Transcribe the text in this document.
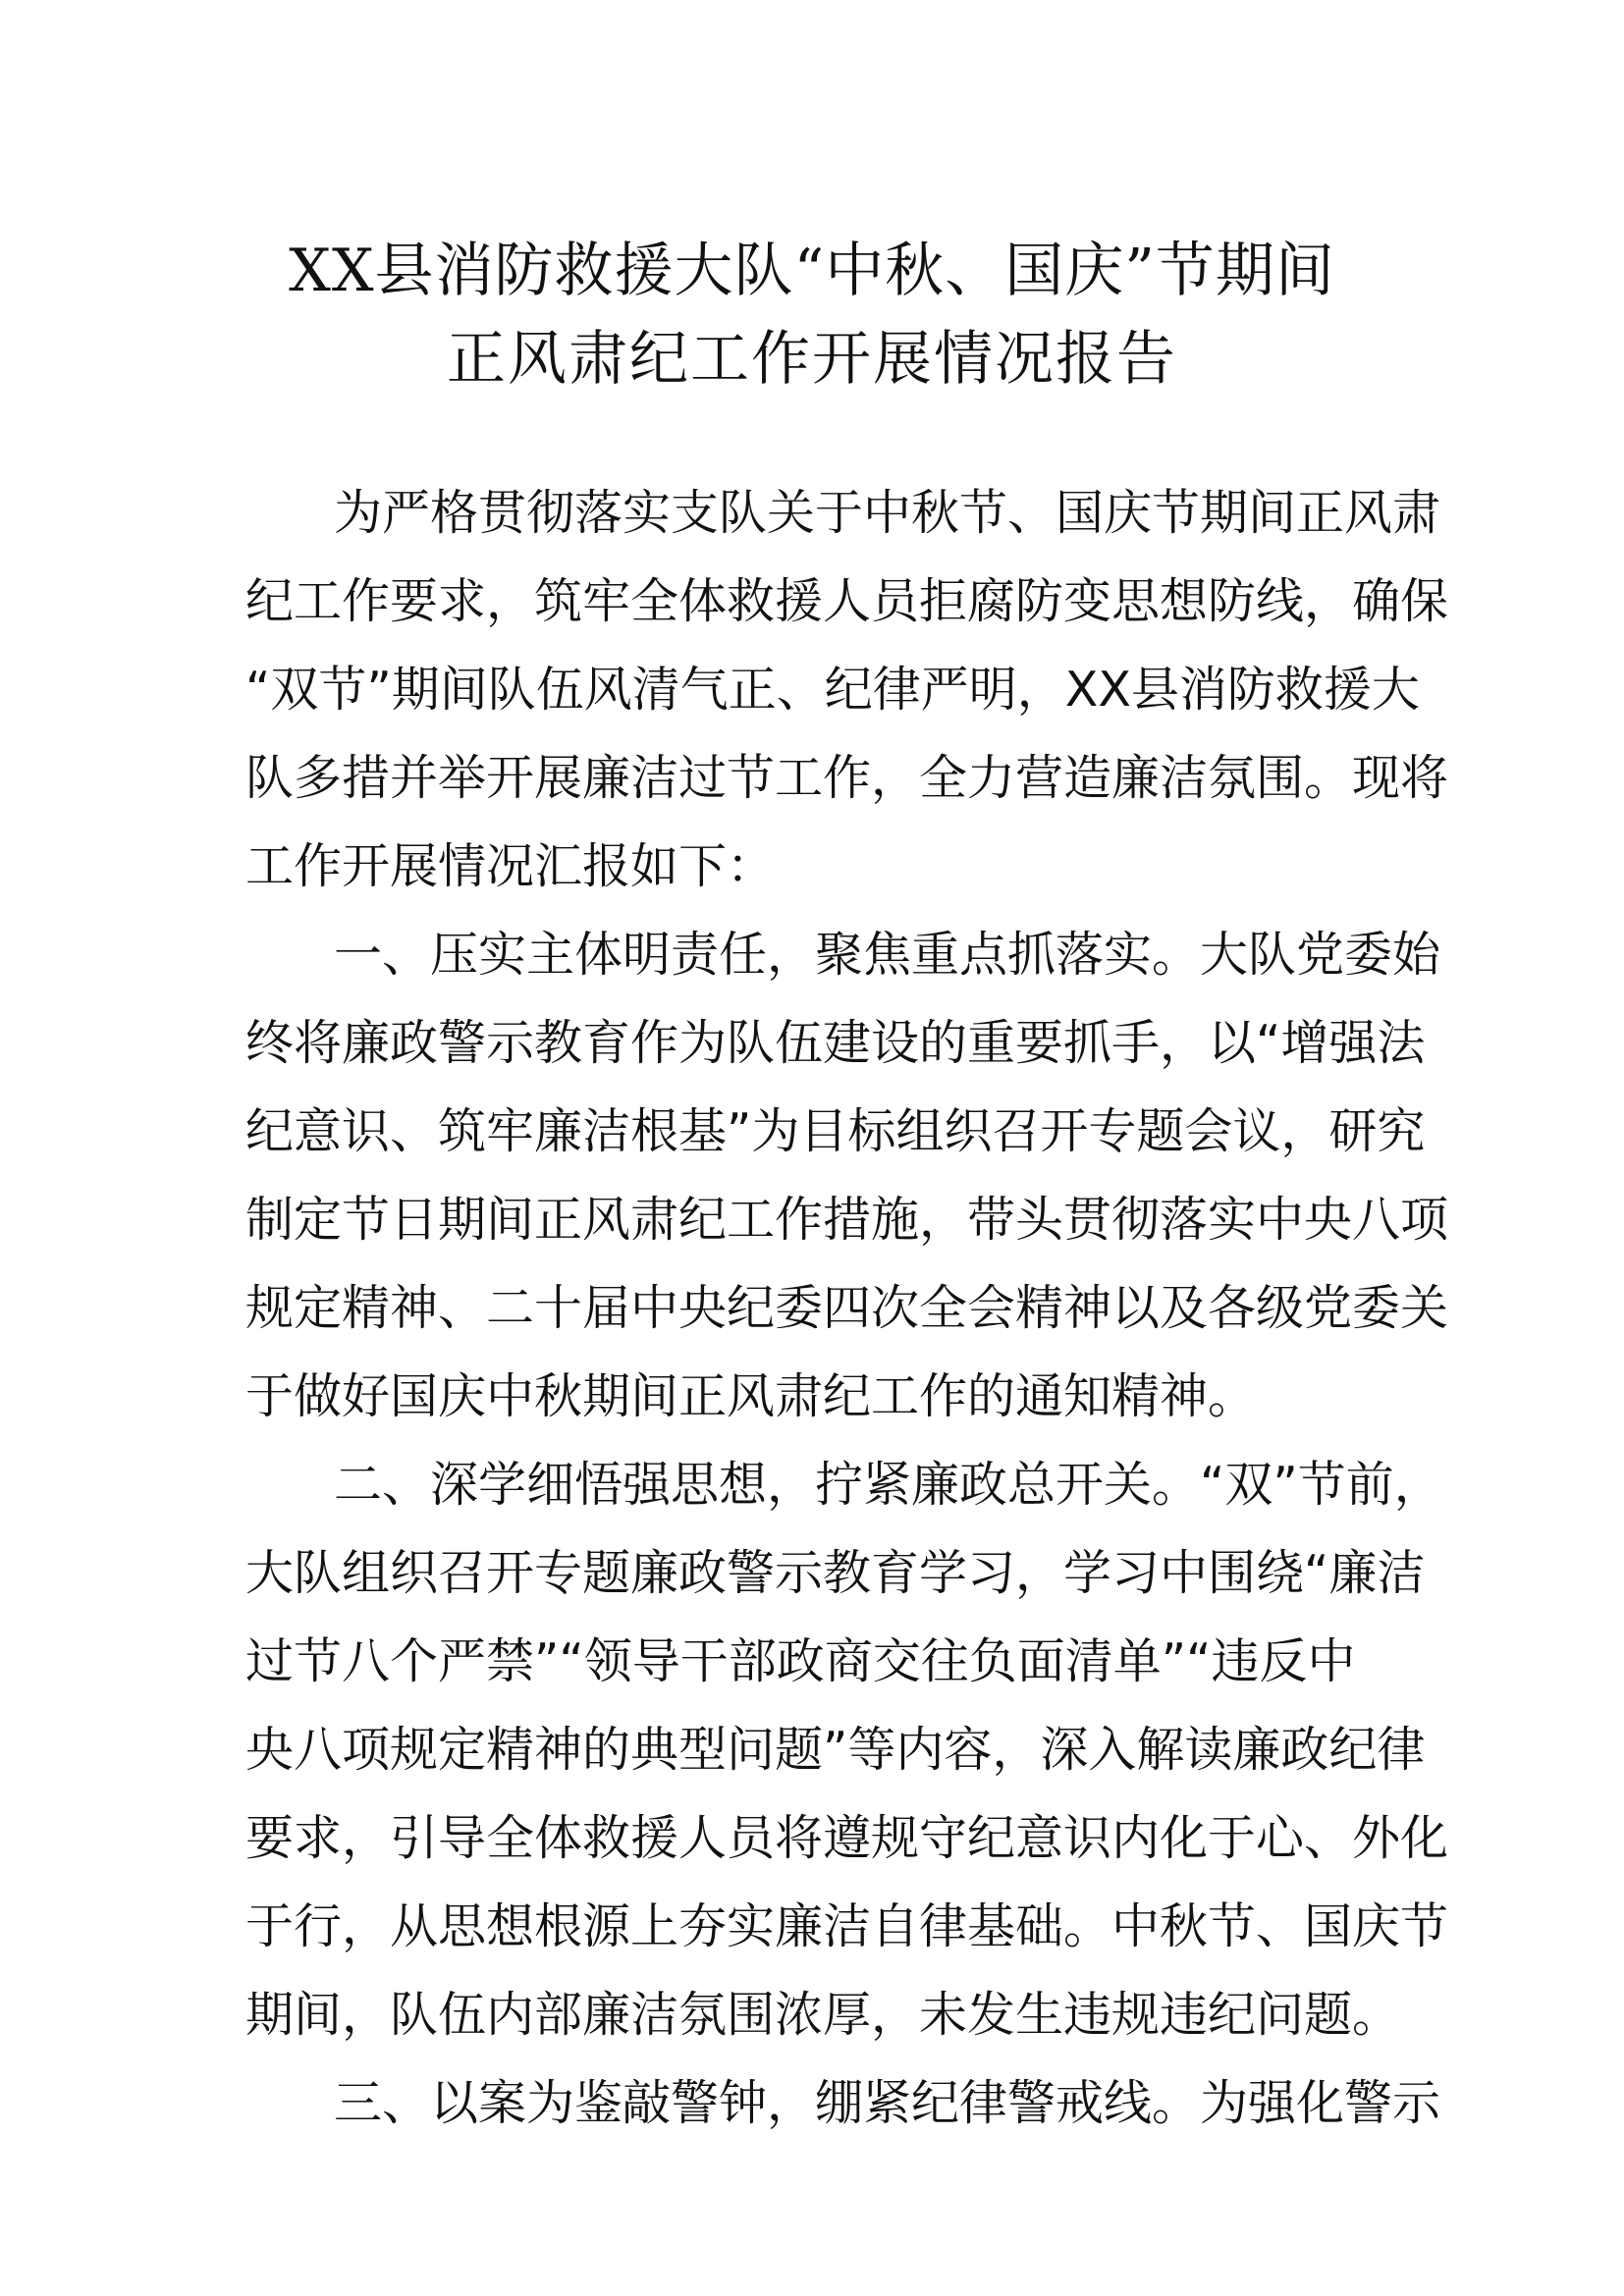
XX县消防救援大队“中秋、国庆”节期间
正风肃纪工作开展情况报告
为严格贯彻落实支队关于中秋节、国庆节期间正风肃
纪工作要求，筑牢全体救援人员拒腐防变思想防线，确保
“双节”期间队伍风清气正、纪律严明，XX县消防救援大
队多措并举开展廉洁过节工作，全力营造廉洁氛围。现将
工作开展情况汇报如下：
一、压实主体明责任，聚焦重点抓落实。大队党委始
终将廉政警示教育作为队伍建设的重要抓手，以“增强法
纪意识、筑牢廉洁根基”为目标组织召开专题会议，研究
制定节日期间正风肃纪工作措施，带头贯彻落实中央八项
规定精神、二十届中央纪委四次全会精神以及各级党委关
于做好国庆中秋期间正风肃纪工作的通知精神。
二、深学细悟强思想，拧紧廉政总开关。“双”节前，
大队组织召开专题廉政警示教育学习，学习中围绕“廉洁
过节八个严禁”“领导干部政商交往负面清单”“违反中
央八项规定精神的典型问题”等内容，深入解读廉政纪律
要求，引导全体救援人员将遵规守纪意识内化于心、外化
于行，从思想根源上夯实廉洁自律基础。中秋节、国庆节
期间，队伍内部廉洁氛围浓厚，未发生违规违纪问题。
三、以案为鉴敲警钟，绷紧纪律警戒线。为强化警示
